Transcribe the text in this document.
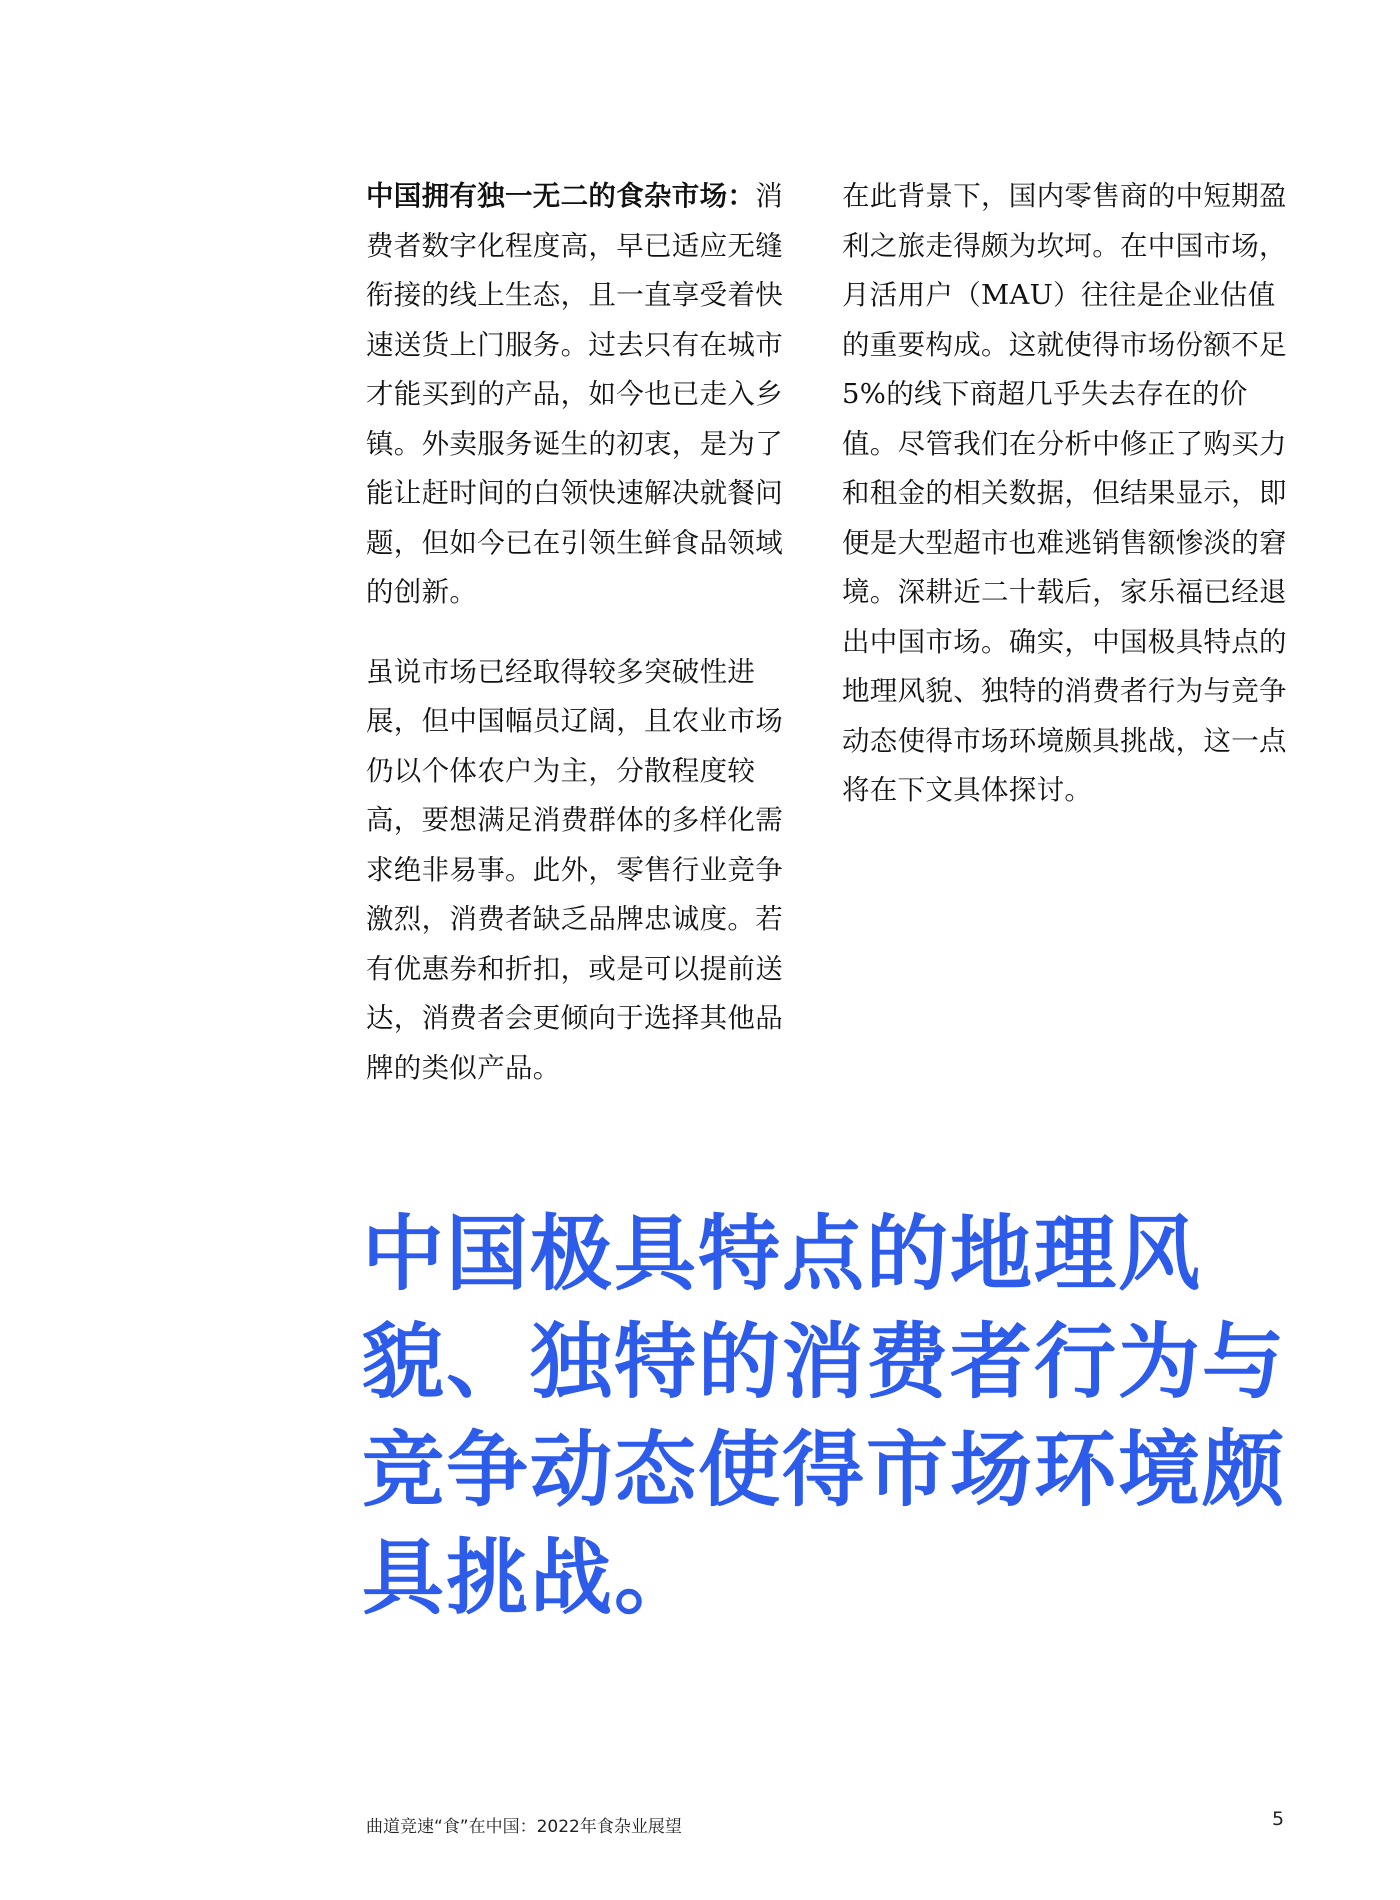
中国拥有独一无二的食杂市场：消费者数字化程度高，早已适应无缝衔接的线上生态，且一直享受着快速送货上门服务。过去只有在城市才能买到的产品，如今也已走入乡镇。外卖服务诞生的初衷，是为了能让赶时间的白领快速解决就餐问题，但如今已在引领生鲜食品领域的创新。

虽说市场已经取得较多突破性进展，但中国幅员辽阔，且农业市场仍以个体农户为主，分散程度较高，要想满足消费群体的多样化需求绝非易事。此外，零售行业竞争激烈，消费者缺乏品牌忠诚度。若有优惠券和折扣，或是可以提前送达，消费者会更倾向于选择其他品牌的类似产品。

在此背景下，国内零售商的中短期盈利之旅走得颇为坎坷。在中国市场，月活用户（MAU）往往是企业估值的重要构成。这就使得市场份额不足5%的线下商超几乎失去存在的价值。尽管我们在分析中修正了购买力和租金的相关数据，但结果显示，即便是大型超市也难逃销售额惨淡的窘境。深耕近二十载后，家乐福已经退出中国市场。确实，中国极具特点的地理风貌、独特的消费者行为与竞争动态使得市场环境颇具挑战，这一点将在下文具体探讨。

中国极具特点的地理风貌、独特的消费者行为与竞争动态使得市场环境颇具挑战。

曲道竞速“食”在中国：2022年食杂业展望	5
